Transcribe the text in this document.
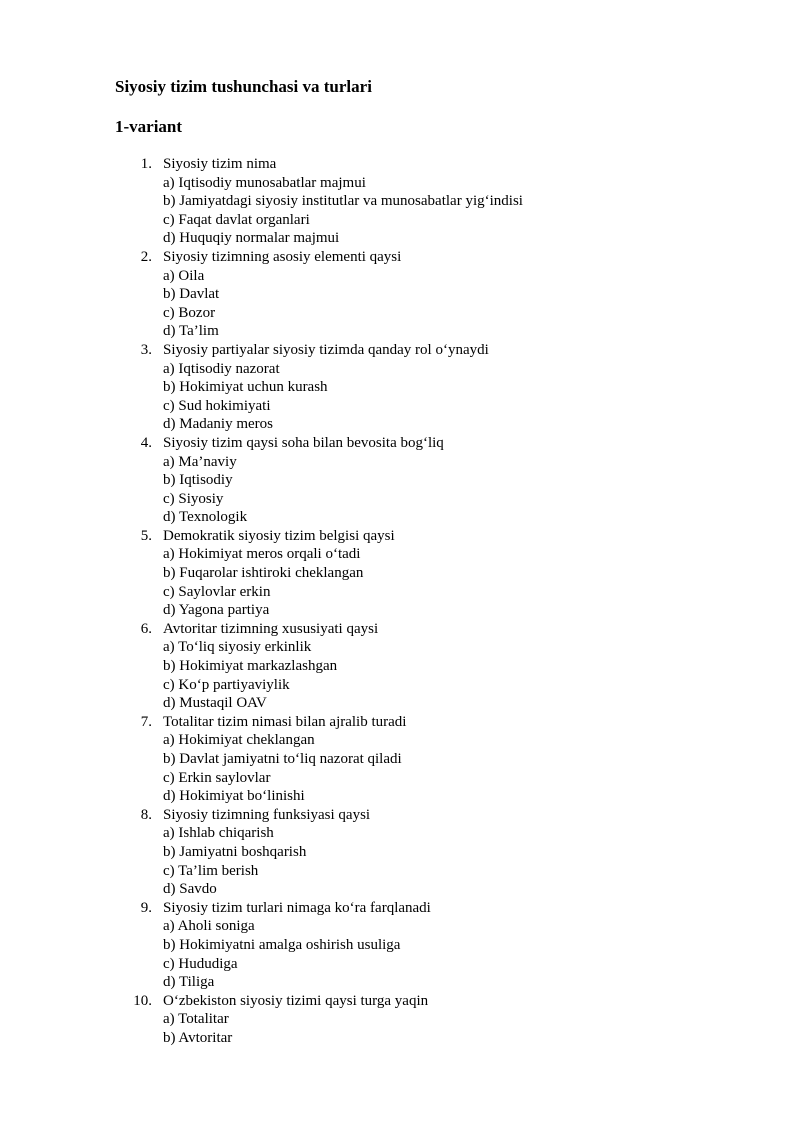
Siyosiy tizim tushunchasi va turlari
1-variant
1. Siyosiy tizim nima
a) Iqtisodiy munosabatlar majmui
b) Jamiyatdagi siyosiy institutlar va munosabatlar yig‘indisi
c) Faqat davlat organlari
d) Huquqiy normalar majmui
2. Siyosiy tizimning asosiy elementi qaysi
a) Oila
b) Davlat
c) Bozor
d) Ta’lim
3. Siyosiy partiyalar siyosiy tizimda qanday rol o‘ynaydi
a) Iqtisodiy nazorat
b) Hokimiyat uchun kurash
c) Sud hokimiyati
d) Madaniy meros
4. Siyosiy tizim qaysi soha bilan bevosita bog‘liq
a) Ma’naviy
b) Iqtisodiy
c) Siyosiy
d) Texnologik
5. Demokratik siyosiy tizim belgisi qaysi
a) Hokimiyat meros orqali o‘tadi
b) Fuqarolar ishtiroki cheklangan
c) Saylovlar erkin
d) Yagona partiya
6. Avtoritar tizimning xususiyati qaysi
a) To‘liq siyosiy erkinlik
b) Hokimiyat markazlashgan
c) Ko‘p partiyaviylik
d) Mustaqil OAV
7. Totalitar tizim nimasi bilan ajralib turadi
a) Hokimiyat cheklangan
b) Davlat jamiyatni to‘liq nazorat qiladi
c) Erkin saylovlar
d) Hokimiyat bo‘linishi
8. Siyosiy tizimning funksiyasi qaysi
a) Ishlab chiqarish
b) Jamiyatni boshqarish
c) Ta’lim berish
d) Savdo
9. Siyosiy tizim turlari nimaga ko‘ra farqlanadi
a) Aholi soniga
b) Hokimiyatni amalga oshirish usuliga
c) Hududiga
d) Tiliga
10. O‘zbekiston siyosiy tizimi qaysi turga yaqin
a) Totalitar
b) Avtoritar
